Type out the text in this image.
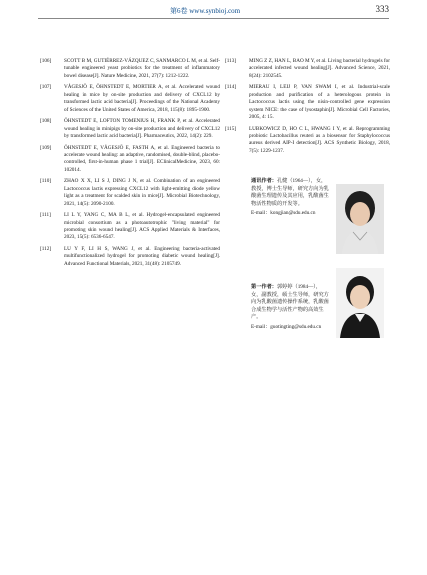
第6卷 www.synbioj.com	333
[106]	SCOTT B M, GUTIÉRREZ-VÁZQUEZ C, SANMARCO L M, et al. Self-tunable engineered yeast probiotics for the treatment of inflammatory bowel disease[J]. Nature Medicine, 2021, 27(7): 1212-1222.
[107]	VÅGESJÖ E, ÖHNSTEDT E, MORTIER A, et al. Accelerated wound healing in mice by on-site production and delivery of CXCL12 by transformed lactic acid bacteria[J]. Proceedings of the National Academy of Sciences of the United States of America, 2018, 115(8): 1895-1900.
[108]	ÖHNSTEDT E, LOFTON TOMENIUS H, FRANK P, et al. Accelerated wound healing in minipigs by on-site production and delivery of CXCL12 by transformed lactic acid bacteria[J]. Pharmaceutics, 2022, 14(2): 229.
[109]	ÖHNSTEDT E, VÅGESJÖ E, FASTH A, et al. Engineered bacteria to accelerate wound healing: an adaptive, randomised, double-blind, placebo-controlled, first-in-human phase 1 trial[J]. EClinicalMedicine, 2023, 60: 102014.
[110]	ZHAO X X, LI S J, DING J N, et al. Combination of an engineered Lactococcus lactis expressing CXCL12 with light-emitting diode yellow light as a treatment for scalded skin in mice[J]. Microbial Biotechnology, 2021, 14(5): 2090-2100.
[111]	LI L Y, YANG C, MA B L, et al. Hydrogel-encapsulated engineered microbial consortium as a photoautotrophic "living material" for promoting skin wound healing[J]. ACS Applied Materials & Interfaces, 2023, 15(5): 6536-6547.
[112]	LU Y F, LI H S, WANG J, et al. Engineering bacteria-activated multifunctionalized hydrogel for promoting diabetic wound healing[J]. Advanced Functional Materials, 2021, 31(48): 2105749.
[113]	MING Z Z, HAN L, BAO M Y, et al. Living bacterial hydrogels for accelerated infected wound healing[J]. Advanced Science, 2021, 8(24): 2102545.
[114]	MIERAU I, LEIJ P, VAN SWAM I, et al. Industrial-scale production and purification of a heterologous protein in Lactococcus lactis using the nisin-controlled gene expression system NICE: the case of lysostaphin[J]. Microbial Cell Factories, 2005, 4: 15.
[115]	LUBKOWICZ D, HO C L, HWANG I Y, et al. Reprogramming probiotic Lactobacillus reuteri as a biosensor for Staphylococcus aureus derived AIP-I detection[J]. ACS Synthetic Biology, 2018, 7(5): 1229-1237.
通讯作者：孔健（1964—），女，教授，博士生导师，研究方向为乳酸菌生理遗传及其应用，乳酸菌生物活性物质的开发等。
E-mail：kongjian@sdu.edu.cn
第一作者：郭婷婷（1984—），女，副教授，硕士生导师，研究方向为乳酸菌遗传操作系统，乳酸菌合成生物学与活性产物的高效生产。
E-mail：guotingting@sdu.edu.cn
